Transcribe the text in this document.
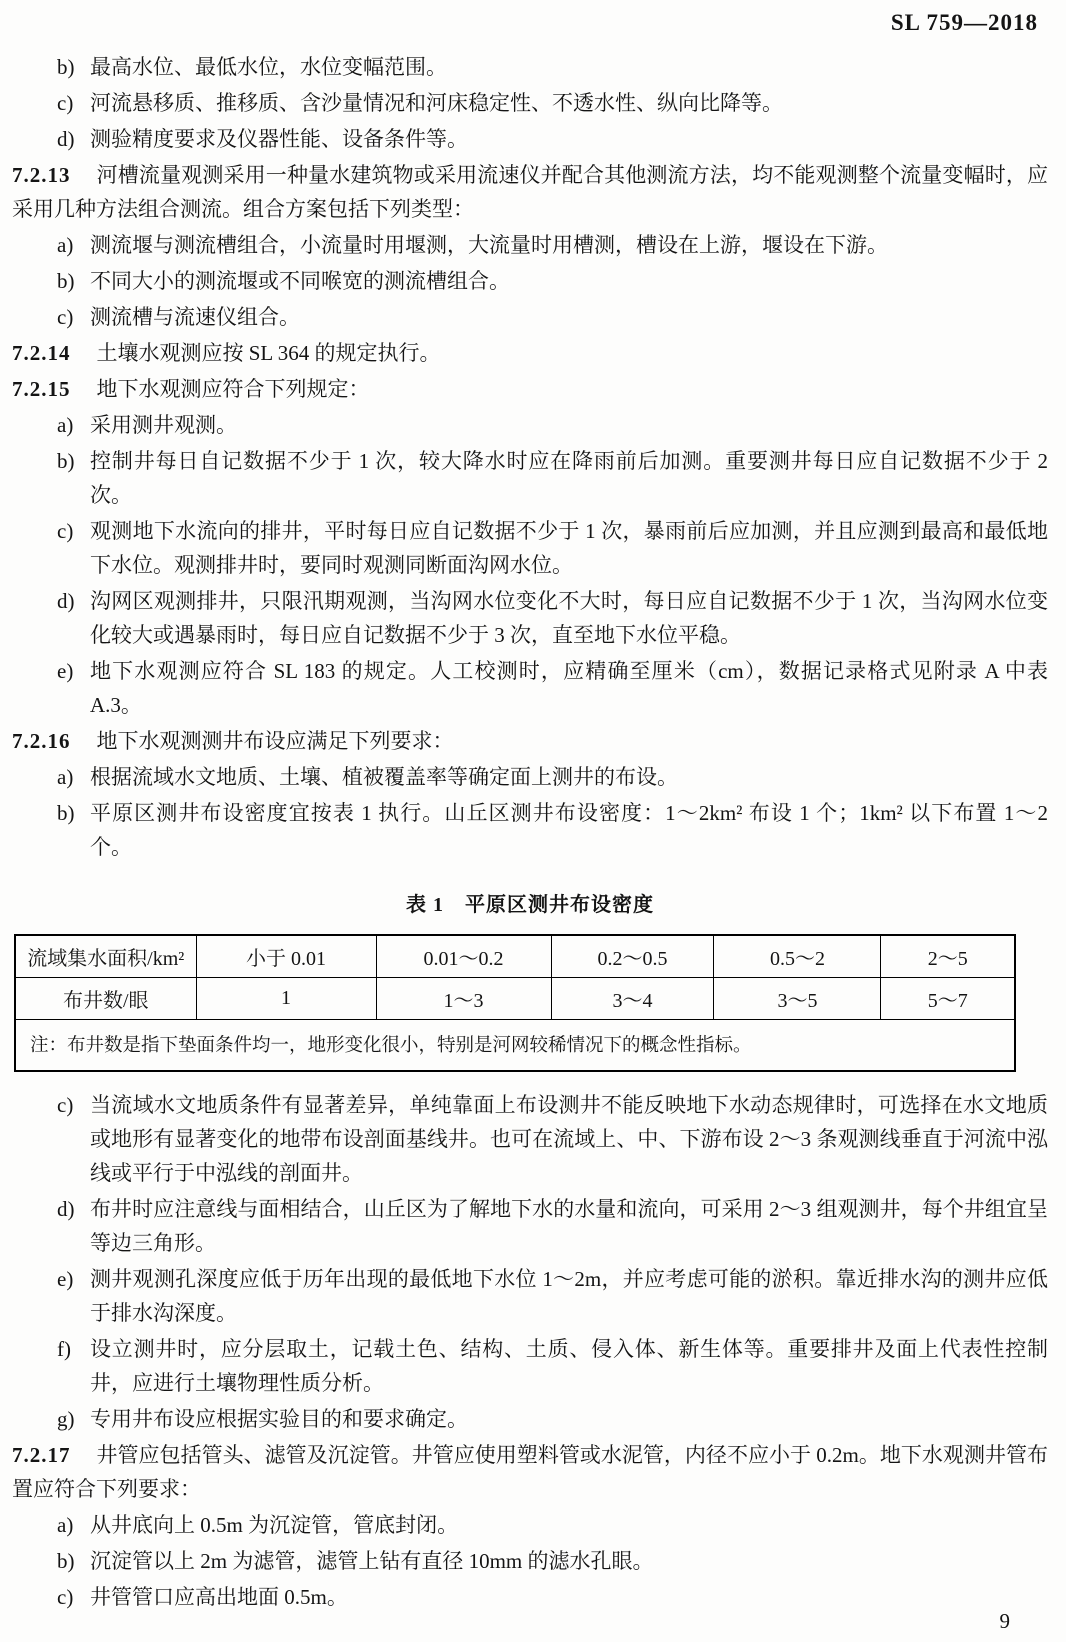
SL 759—2018

b) 最高水位、最低水位，水位变幅范围。

c) 河流悬移质、推移质、含沙量情况和河床稳定性、不透水性、纵向比降等。

d) 测验精度要求及仪器性能、设备条件等。

7.2.13 河槽流量观测采用一种量水建筑物或采用流速仪并配合其他测流方法，均不能观测整个流量变幅时，应采用几种方法组合测流。组合方案包括下列类型：

a) 测流堰与测流槽组合，小流量时用堰测，大流量时用槽测，槽设在上游，堰设在下游。

b) 不同大小的测流堰或不同喉宽的测流槽组合。

c) 测流槽与流速仪组合。

7.2.14 土壤水观测应按 SL 364 的规定执行。

7.2.15 地下水观测应符合下列规定：

a) 采用测井观测。

b) 控制井每日自记数据不少于 1 次，较大降水时应在降雨前后加测。重要测井每日应自记数据不少于 2 次。

c) 观测地下水流向的排井，平时每日应自记数据不少于 1 次，暴雨前后应加测，并且应测到最高和最低地下水位。观测排井时，要同时观测同断面沟网水位。

d) 沟网区观测排井，只限汛期观测，当沟网水位变化不大时，每日应自记数据不少于 1 次，当沟网水位变化较大或遇暴雨时，每日应自记数据不少于 3 次，直至地下水位平稳。

e) 地下水观测应符合 SL 183 的规定。人工校测时，应精确至厘米（cm），数据记录格式见附录 A 中表 A.3。

7.2.16 地下水观测测井布设应满足下列要求：

a) 根据流域水文地质、土壤、植被覆盖率等确定面上测井的布设。

b) 平原区测井布设密度宜按表 1 执行。山丘区测井布设密度：1～2km² 布设 1 个；1km² 以下布置 1～2 个。

表 1　平原区测井布设密度
流域集水面积/km²	小于 0.01	0.01～0.2	0.2～0.5	0.5～2	2～5
布井数/眼	1	1～3	3～4	3～5	5～7
注：布井数是指下垫面条件均一，地形变化很小，特别是河网较稀情况下的概念性指标。					

c) 当流域水文地质条件有显著差异，单纯靠面上布设测井不能反映地下水动态规律时，可选择在水文地质或地形有显著变化的地带布设剖面基线井。也可在流域上、中、下游布设 2～3 条观测线垂直于河流中泓线或平行于中泓线的剖面井。

d) 布井时应注意线与面相结合，山丘区为了解地下水的水量和流向，可采用 2～3 组观测井，每个井组宜呈等边三角形。

e) 测井观测孔深度应低于历年出现的最低地下水位 1～2m，并应考虑可能的淤积。靠近排水沟的测井应低于排水沟深度。

f) 设立测井时，应分层取土，记载土色、结构、土质、侵入体、新生体等。重要排井及面上代表性控制井，应进行土壤物理性质分析。

g) 专用井布设应根据实验目的和要求确定。

7.2.17 井管应包括管头、滤管及沉淀管。井管应使用塑料管或水泥管，内径不应小于 0.2m。地下水观测井管布置应符合下列要求：

a) 从井底向上 0.5m 为沉淀管，管底封闭。

b) 沉淀管以上 2m 为滤管，滤管上钻有直径 10mm 的滤水孔眼。

c) 井管管口应高出地面 0.5m。

9
